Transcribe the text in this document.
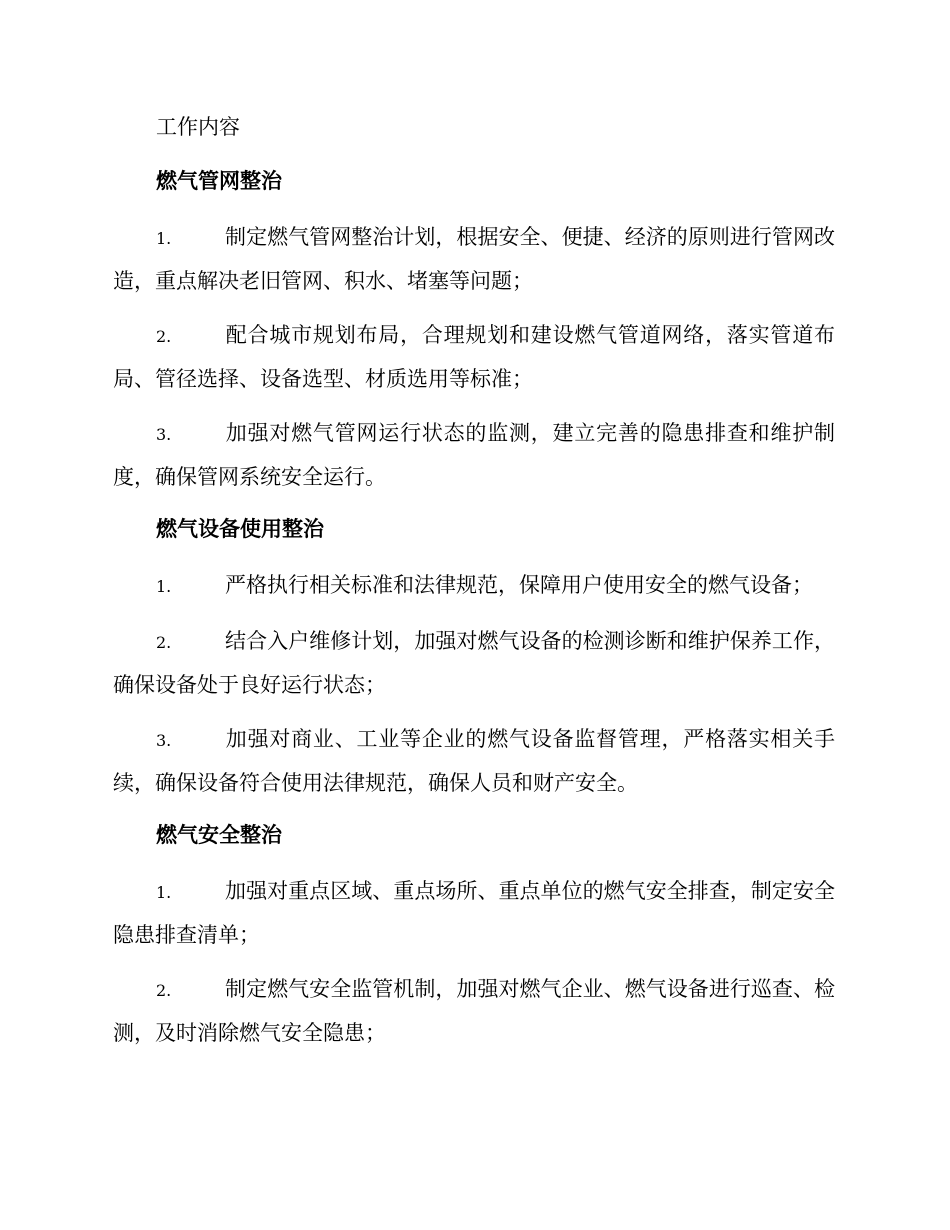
工作内容
燃气管网整治

1.	制定燃气管网整治计划，根据安全、便捷、经济的原则进行管网改造，重点解决老旧管网、积水、堵塞等问题；

2.	配合城市规划布局，合理规划和建设燃气管道网络，落实管道布局、管径选择、设备选型、材质选用等标准；

3.	加强对燃气管网运行状态的监测，建立完善的隐患排查和维护制度，确保管网系统安全运行。

燃气设备使用整治

1.	严格执行相关标准和法律规范，保障用户使用安全的燃气设备；

2.	结合入户维修计划，加强对燃气设备的检测诊断和维护保养工作，确保设备处于良好运行状态；

3.	加强对商业、工业等企业的燃气设备监督管理，严格落实相关手续，确保设备符合使用法律规范，确保人员和财产安全。

燃气安全整治

1.	加强对重点区域、重点场所、重点单位的燃气安全排查，制定安全隐患排查清单；

2.	制定燃气安全监管机制，加强对燃气企业、燃气设备进行巡查、检测，及时消除燃气安全隐患；
